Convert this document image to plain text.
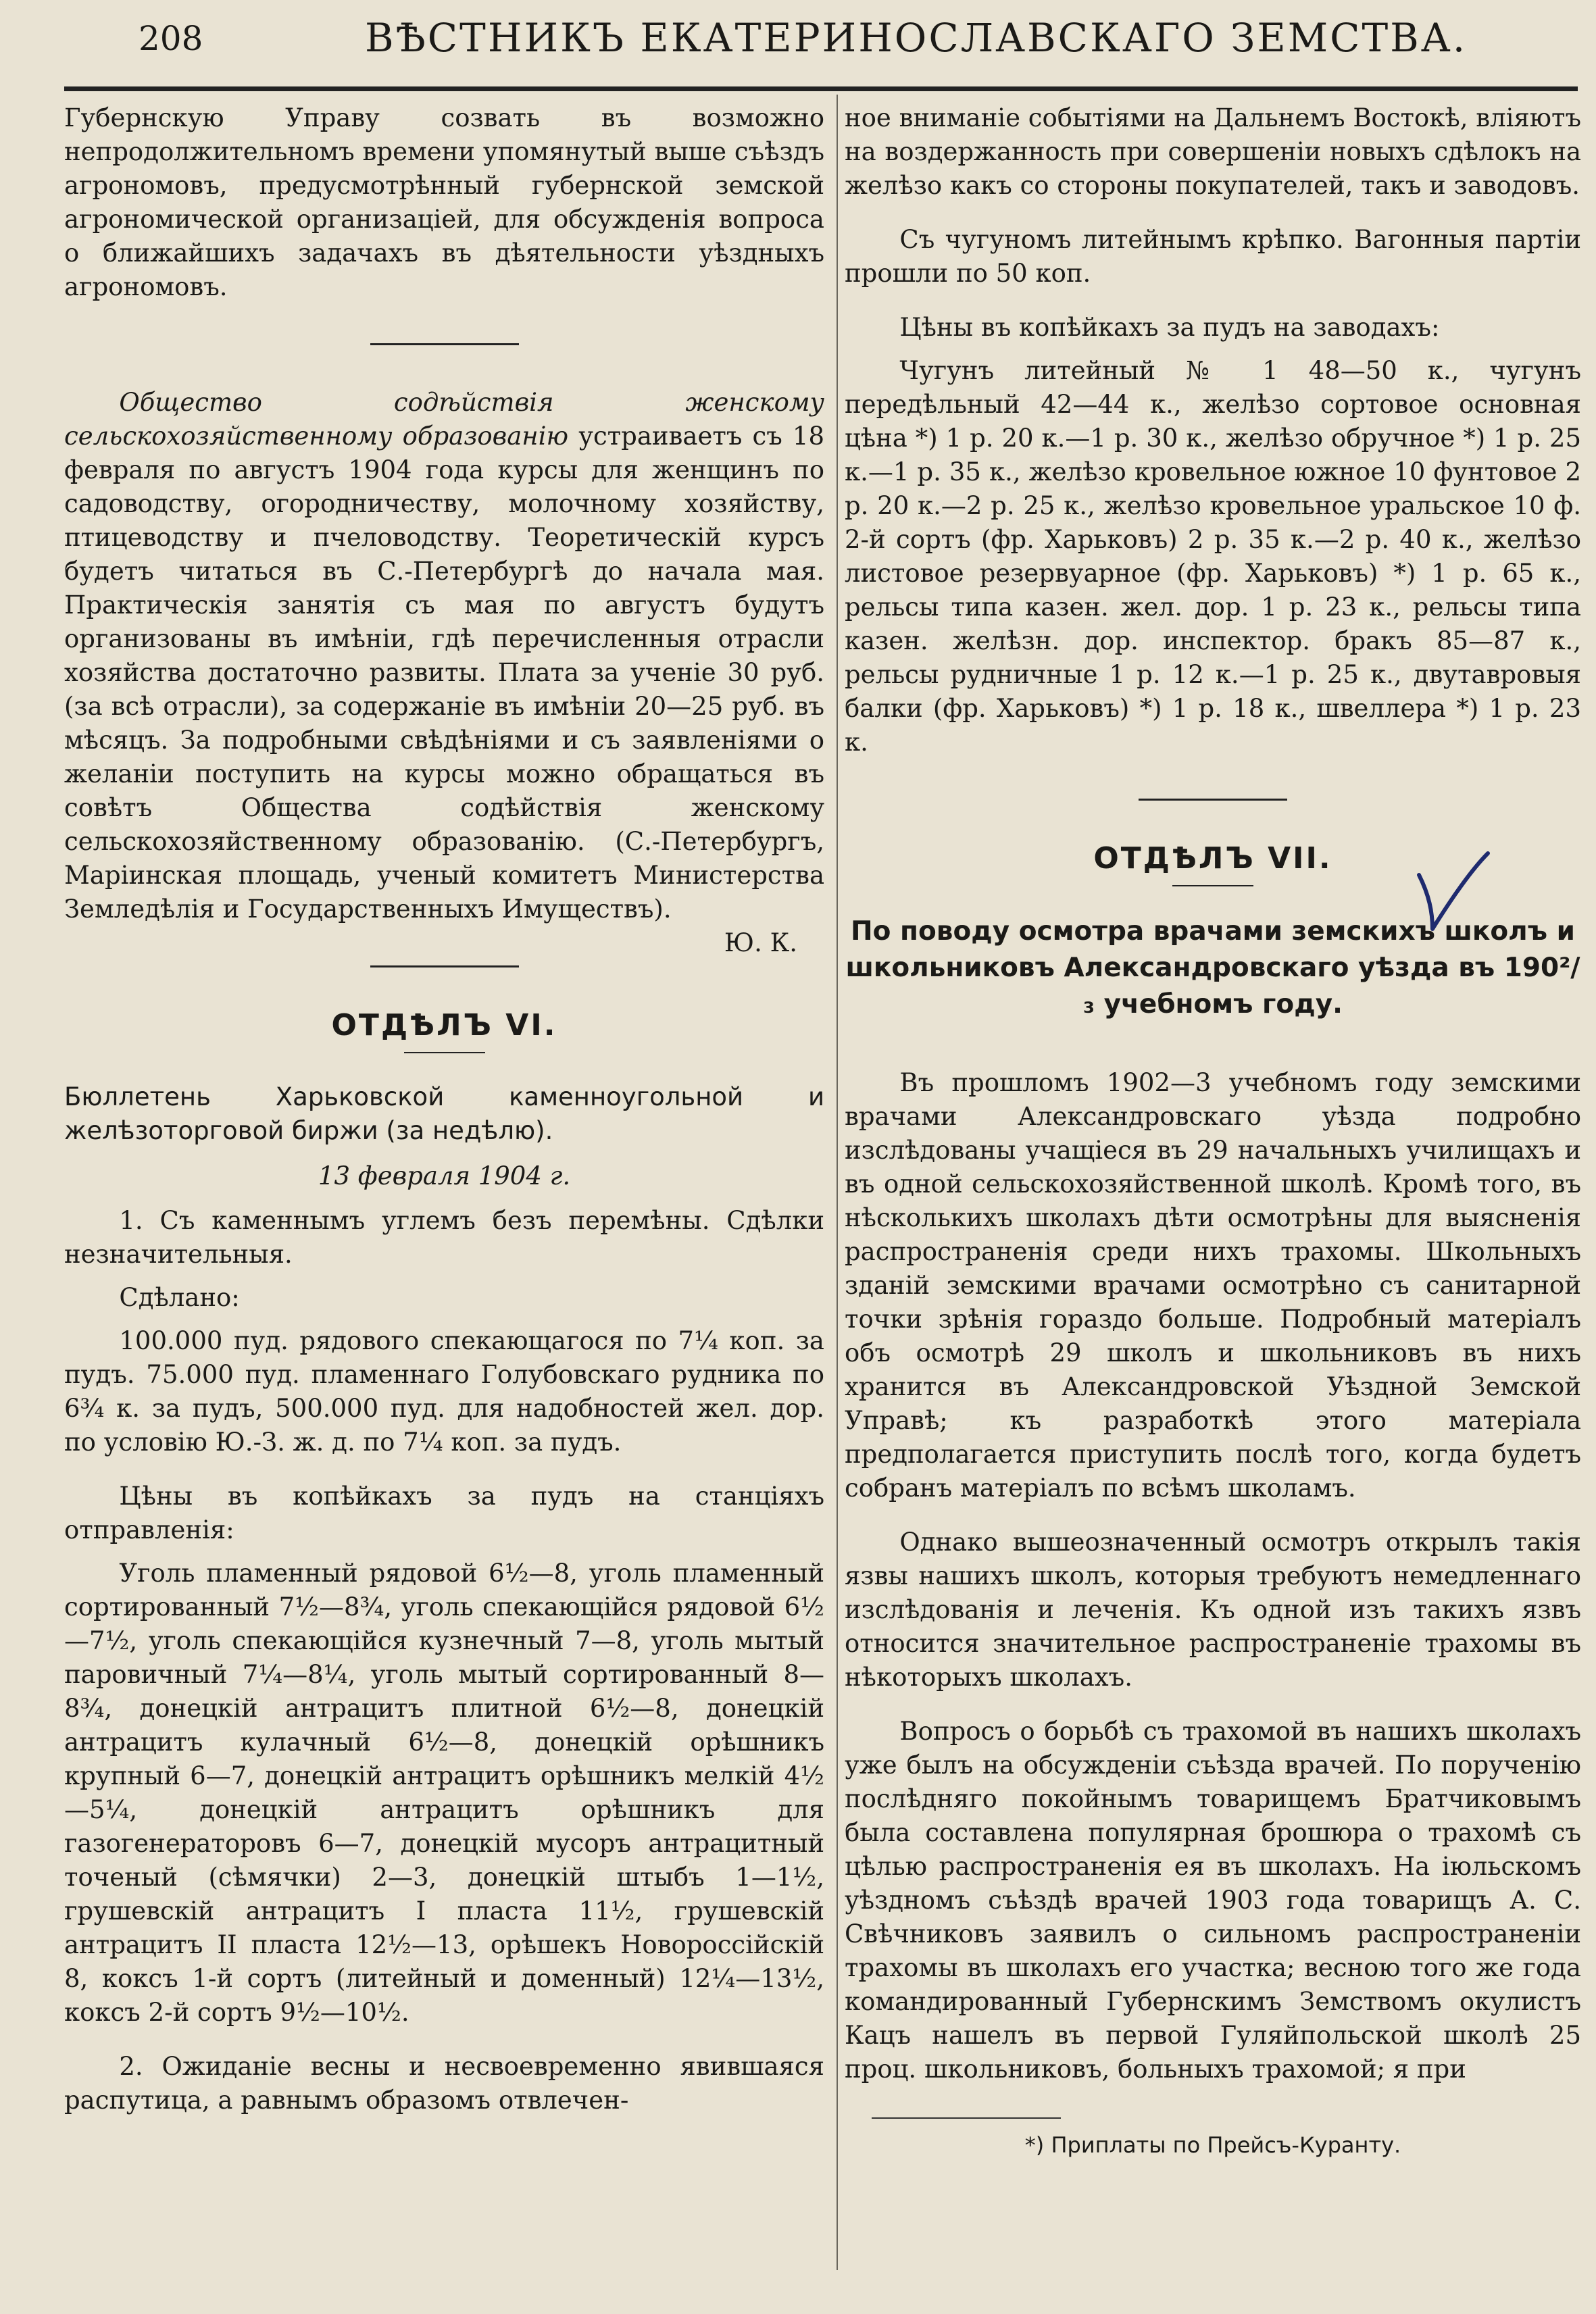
208	ВѢСТНИКЪ ЕКАТЕРИНОСЛАВСКАГО ЗЕМСТВА.

Губернскую Управу созвать въ возможно непродолжительномъ времени упомянутый выше съѣздъ агрономовъ, предусмотрѣнный губернской земской агрономической организаціей, для обсужденія вопроса о ближайшихъ задачахъ въ дѣятельности уѣздныхъ агрономовъ.

Общество содѣйствія женскому сельскохозяйственному образованію устраиваетъ съ 18 февраля по августъ 1904 года курсы для женщинъ по садоводству, огородничеству, молочному хозяйству, птицеводству и пчеловодству. Теоретическій курсъ будетъ читаться въ С.-Петербургѣ до начала мая. Практическія занятія съ мая по августъ будутъ организованы въ имѣніи, гдѣ перечисленныя отрасли хозяйства достаточно развиты. Плата за ученіе 30 руб. (за всѣ отрасли), за содержаніе въ имѣніи 20—25 руб. въ мѣсяцъ. За подробными свѣдѣніями и съ заявленіями о желаніи поступить на курсы можно обращаться въ совѣтъ Общества содѣйствія женскому сельскохозяйственному образованію. (С.-Петербургъ, Маріинская площадь, ученый комитетъ Министерства Земледѣлія и Государственныхъ Имуществъ).
Ю. К.

ОТДѢЛЪ VI.
Бюллетень Харьковской каменноугольной и желѣзоторговой биржи (за недѣлю).
13 февраля 1904 г.

1. Съ каменнымъ углемъ безъ перемѣны. Сдѣлки незначительныя.

Сдѣлано:

100.000 пуд. рядового спекающагося по 7¼ коп. за пудъ. 75.000 пуд. пламеннаго Голубовскаго рудника по 6¾ к. за пудъ, 500.000 пуд. для надобностей жел. дор. по условію Ю.-З. ж. д. по 7¼ коп. за пудъ.

Цѣны въ копѣйкахъ за пудъ на станціяхъ отправленія:

Уголь пламенный рядовой 6½—8, уголь пламенный сортированный 7½—8¾, уголь спекающійся рядовой 6½—7½, уголь спекающійся кузнечный 7—8, уголь мытый паровичный 7¼—8¼, уголь мытый сортированный 8—8¾, донецкій антрацитъ плитной 6½—8, донецкій антрацитъ кулачный 6½—8, донецкій орѣшникъ крупный 6—7, донецкій антрацитъ орѣшникъ мелкій 4½—5¼, донецкій антрацитъ орѣшникъ для газогенераторовъ 6—7, донецкій мусоръ антрацитный точеный (сѣмячки) 2—3, донецкій штыбъ 1—1½, грушевскій антрацитъ I пласта 11½, грушевскій антрацитъ II пласта 12½—13, орѣшекъ Новороссійскій 8, коксъ 1-й сортъ (литейный и доменный) 12¼—13½, коксъ 2-й сортъ 9½—10½.

2. Ожиданіе весны и несвоевременно явившаяся распутица, а равнымъ образомъ отвлечен-

ное вниманіе событіями на Дальнемъ Востокѣ, вліяютъ на воздержанность при совершеніи новыхъ сдѣлокъ на желѣзо какъ со стороны покупателей, такъ и заводовъ.

Съ чугуномъ литейнымъ крѣпко. Вагонныя партіи прошли по 50 коп.

Цѣны въ копѣйкахъ за пудъ на заводахъ:

Чугунъ литейный № 1 48—50 к., чугунъ передѣльный 42—44 к., желѣзо сортовое основная цѣна *) 1 р. 20 к.—1 р. 30 к., желѣзо обручное *) 1 р. 25 к.—1 р. 35 к., желѣзо кровельное южное 10 фунтовое 2 р. 20 к.—2 р. 25 к., желѣзо кровельное уральское 10 ф. 2-й сортъ (фр. Харьковъ) 2 р. 35 к.—2 р. 40 к., желѣзо листовое резервуарное (фр. Харьковъ) *) 1 р. 65 к., рельсы типа казен. жел. дор. 1 р. 23 к., рельсы типа казен. желѣзн. дор. инспектор. бракъ 85—87 к., рельсы рудничные 1 р. 12 к.—1 р. 25 к., двутавровыя балки (фр. Харьковъ) *) 1 р. 18 к., швеллера *) 1 р. 23 к.

ОТДѢЛЪ VII.
По поводу осмотра врачами земскихъ школъ и школьниковъ Александровскаго уѣзда въ 190²/₃ учебномъ году.

Въ прошломъ 1902—3 учебномъ году земскими врачами Александровскаго уѣзда подробно изслѣдованы учащіеся въ 29 начальныхъ училищахъ и въ одной сельскохозяйственной школѣ. Кромѣ того, въ нѣсколькихъ школахъ дѣти осмотрѣны для выясненія распространенія среди нихъ трахомы. Школьныхъ зданій земскими врачами осмотрѣно съ санитарной точки зрѣнія гораздо больше. Подробный матеріалъ объ осмотрѣ 29 школъ и школьниковъ въ нихъ хранится въ Александровской Уѣздной Земской Управѣ; къ разработкѣ этого матеріала предполагается приступить послѣ того, когда будетъ собранъ матеріалъ по всѣмъ школамъ.

Однако вышеозначенный осмотръ открылъ такія язвы нашихъ школъ, которыя требуютъ немедленнаго изслѣдованія и леченія. Къ одной изъ такихъ язвъ относится значительное распространеніе трахомы въ нѣкоторыхъ школахъ.

Вопросъ о борьбѣ съ трахомой въ нашихъ школахъ уже былъ на обсужденіи съѣзда врачей. По порученію послѣдняго покойнымъ товарищемъ Братчиковымъ была составлена популярная брошюра о трахомѣ съ цѣлью распространенія ея въ школахъ. На іюльскомъ уѣздномъ съѣздѣ врачей 1903 года товарищъ А. С. Свѣчниковъ заявилъ о сильномъ распространеніи трахомы въ школахъ его участка; весною того же года командированный Губернскимъ Земствомъ окулистъ Кацъ нашелъ въ первой Гуляйпольской школѣ 25 проц. школьниковъ, больныхъ трахомой; я при

*) Приплаты по Прейсъ-Куранту.
